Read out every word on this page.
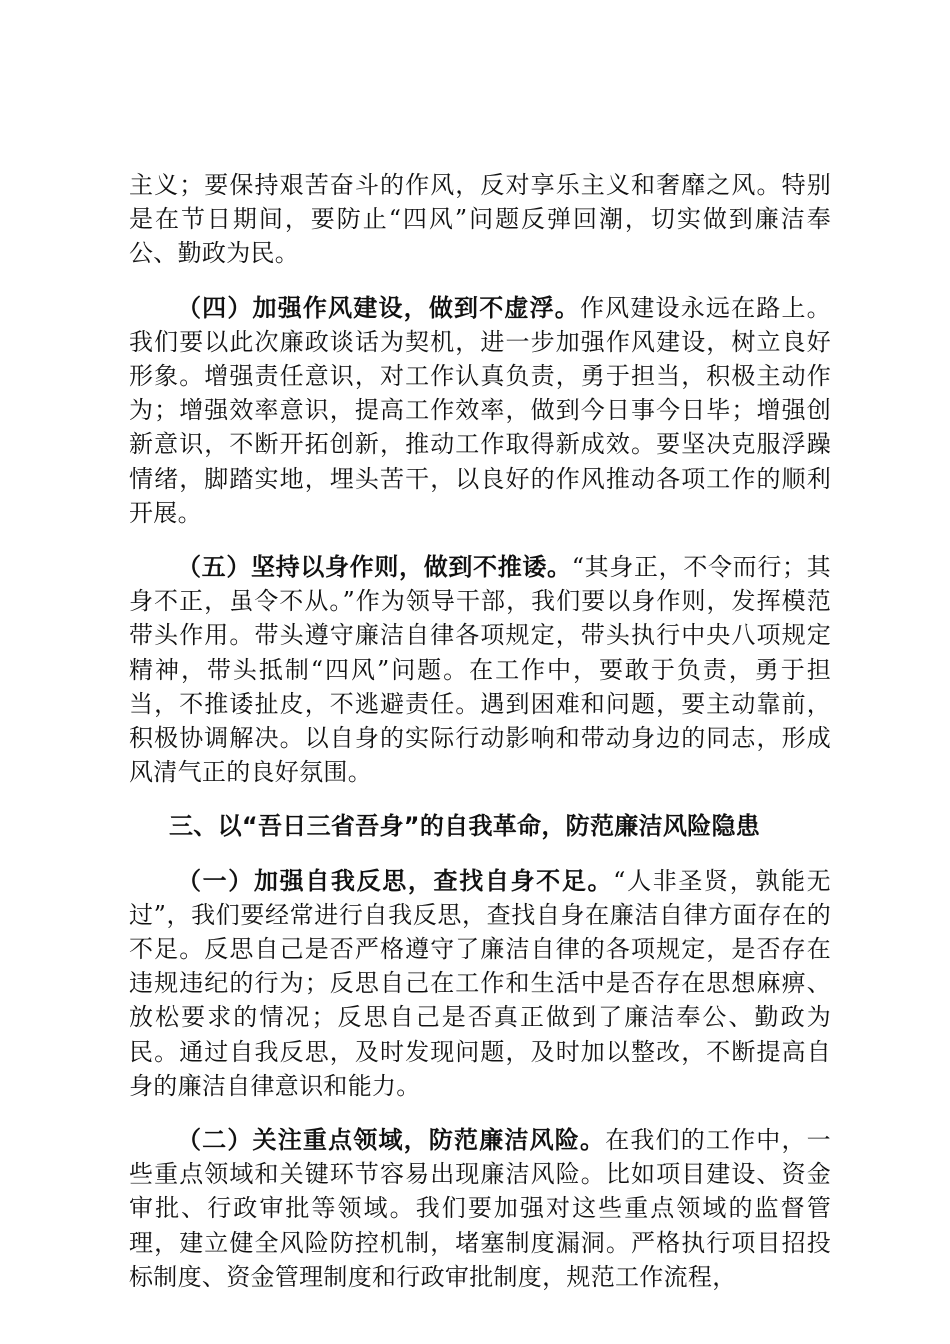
主义；要保持艰苦奋斗的作风，反对享乐主义和奢靡之风。特别是在节日期间，要防止“四风”问题反弹回潮，切实做到廉洁奉公、勤政为民。

（四）加强作风建设，做到不虚浮。作风建设永远在路上。我们要以此次廉政谈话为契机，进一步加强作风建设，树立良好形象。增强责任意识，对工作认真负责，勇于担当，积极主动作为；增强效率意识，提高工作效率，做到今日事今日毕；增强创新意识，不断开拓创新，推动工作取得新成效。要坚决克服浮躁情绪，脚踏实地，埋头苦干，以良好的作风推动各项工作的顺利开展。

（五）坚持以身作则，做到不推诿。“其身正，不令而行；其身不正，虽令不从。”作为领导干部，我们要以身作则，发挥模范带头作用。带头遵守廉洁自律各项规定，带头执行中央八项规定精神，带头抵制“四风”问题。在工作中，要敢于负责，勇于担当，不推诿扯皮，不逃避责任。遇到困难和问题，要主动靠前，积极协调解决。以自身的实际行动影响和带动身边的同志，形成风清气正的良好氛围。

三、以“吾日三省吾身”的自我革命，防范廉洁风险隐患

（一）加强自我反思，查找自身不足。“人非圣贤，孰能无过”，我们要经常进行自我反思，查找自身在廉洁自律方面存在的不足。反思自己是否严格遵守了廉洁自律的各项规定，是否存在违规违纪的行为；反思自己在工作和生活中是否存在思想麻痹、放松要求的情况；反思自己是否真正做到了廉洁奉公、勤政为民。通过自我反思，及时发现问题，及时加以整改，不断提高自身的廉洁自律意识和能力。

（二）关注重点领域，防范廉洁风险。在我们的工作中，一些重点领域和关键环节容易出现廉洁风险。比如项目建设、资金审批、行政审批等领域。我们要加强对这些重点领域的监督管理，建立健全风险防控机制，堵塞制度漏洞。严格执行项目招投标制度、资金管理制度和行政审批制度，规范工作流程，
